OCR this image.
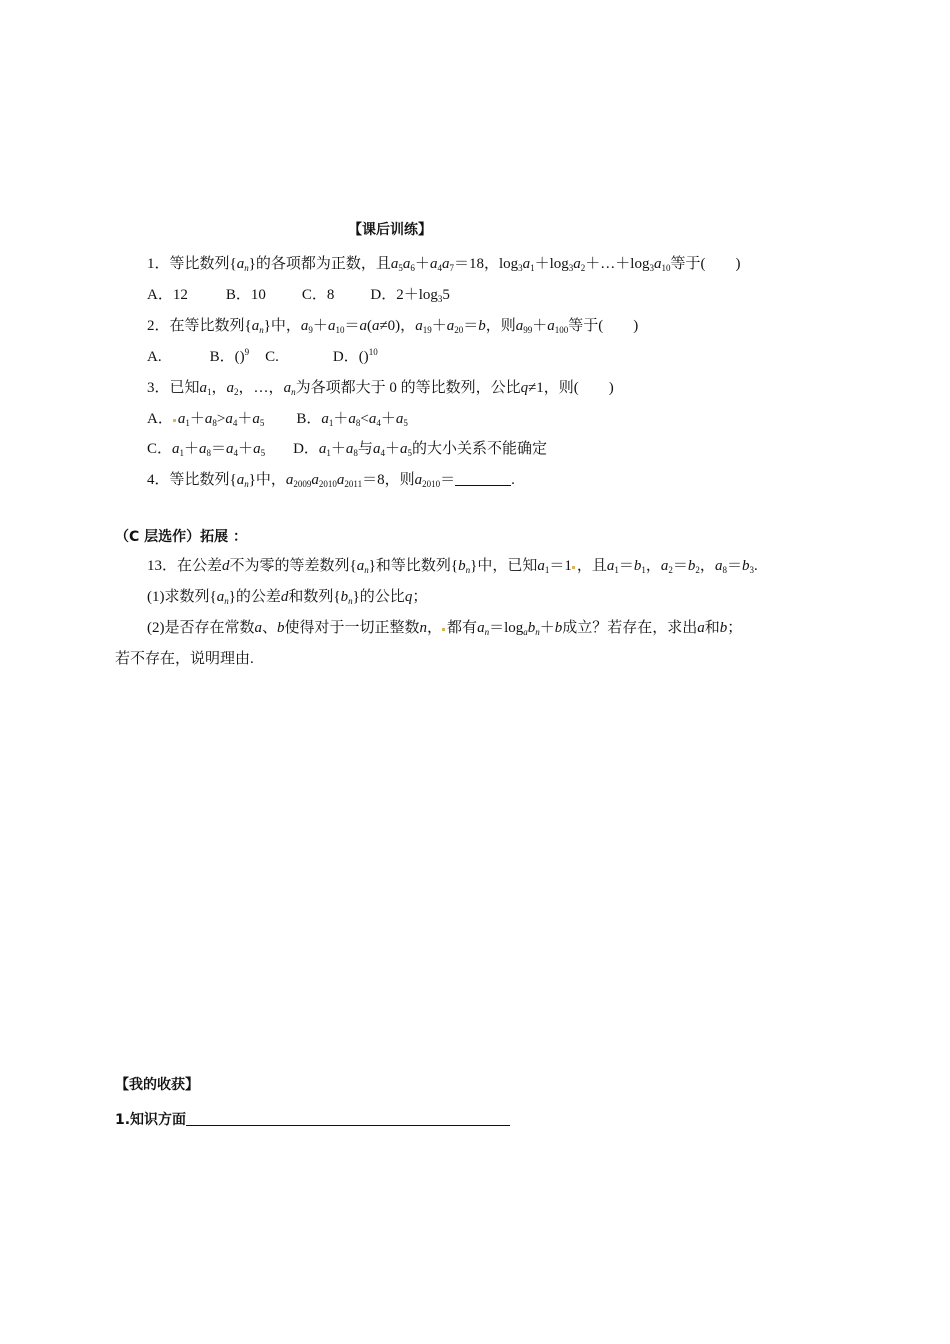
【课后训练】
1．等比数列$\{a_n\}$的各项都为正数，且$a_5a_6+a_4a_7=18$，$\log_3a_1+\log_3a_2+\dots+\log_3a_{10}$等于(　　)
A．12	B．10 C．8 D．$2+\log_35$
2．在等比数列$\{a_n\}$中，$a_9+a_{10}=a(a\ne 0)$，$a_{19}+a_{20}=b$，则$a_{99}+a_{100}$等于(　　)
A.	B．()$^9$ C.	D．()$^{10}$
3．已知$a_1$，$a_2$，…，$a_n$为各项都大于 0 的等比数列，公比q≠1，则(　　)
A． $a_1+a_8>a_4+a_5$ B．$a_1+a_8<a_4+a_5$
C．$a_1+a_8=a_4+a_5$ D．$a_1+a_8$与$a_4+a_5$的大小关系不能确定
4．等比数列$\{a_n\}$中，$a_{2009}a_{2010}a_{2011}=8$，则$a_{2010}=$	.
（C 层选作）拓展 ：
13．在公差d不为零的等差数列$\{a_n\}$和等比数列$\{b_n\}$中，已知$a_1=1$ ，且$a_1=b_1$，$a_2=b_2$，$a_8=b_3$.
(1)求数列$\{a_n\}$的公差d和数列$\{b_n\}$的公比q；
(2)是否存在常数a、b使得对于一切正整数n， 都有$a_n=\log_ab_n+b$成立？若存在，求出a和b；
若不存在，说明理由.
【我的收获】
1.知识方面
